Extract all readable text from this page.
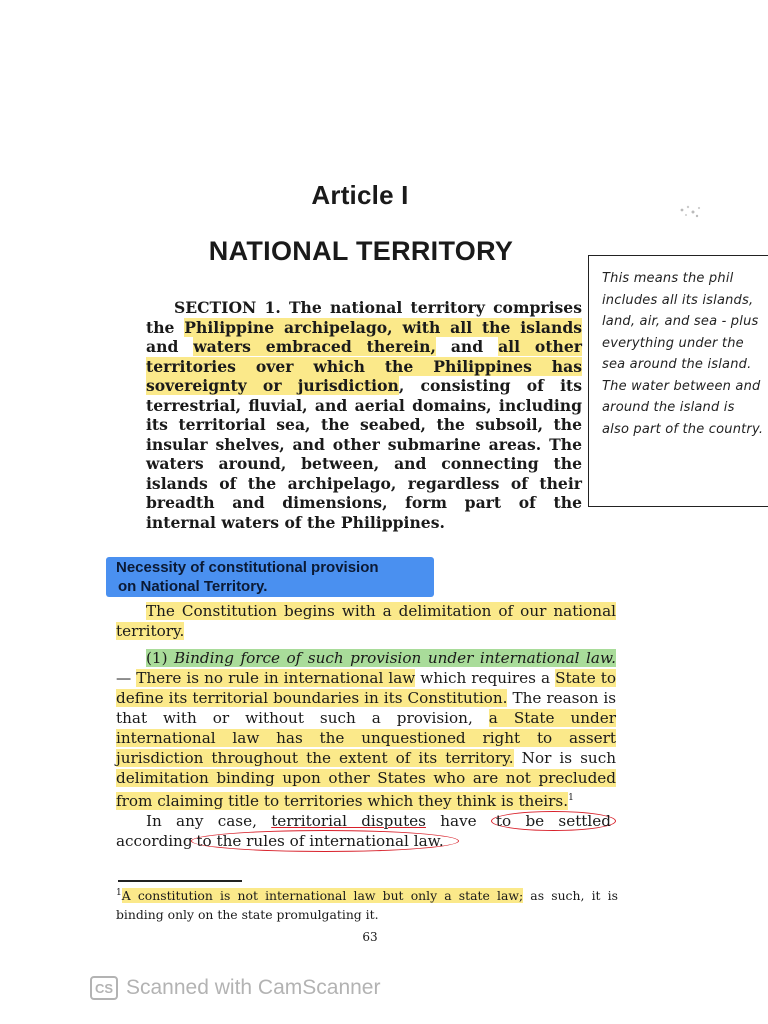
Article I
NATIONAL TERRITORY

SECTION 1. The national territory comprises the Philippine archipelago, with all the islands and waters embraced therein, and all other territories over which the Philippines has sovereignty or jurisdiction, consisting of its terrestrial, fluvial, and aerial domains, including its territorial sea, the seabed, the subsoil, the insular shelves, and other submarine areas. The waters around, between, and connecting the islands of the archipelago, regardless of their breadth and dimensions, form part of the internal waters of the Philippines.

This means the phil includes all its islands, land, air, and sea - plus everything under the sea around the island. The water between and around the island is also part of the country.
Necessity of constitutional provision
on National Territory.

The Constitution begins with a delimitation of our national territory.

(1) Binding force of such provision under international law. — There is no rule in international law which requires a State to define its territorial boundaries in its Constitution. The reason is that with or without such a provision, a State under international law has the unquestioned right to assert jurisdiction throughout the extent of its territory. Nor is such delimitation binding upon other States who are not precluded from claiming title to territories which they think is theirs.$^1$

In any case, territorial disputes have to be settled according to the rules of international law.

$^1$A constitution is not international law but only a state law; as such, it is binding only on the state promulgating it.

63
CS Scanned with CamScanner
